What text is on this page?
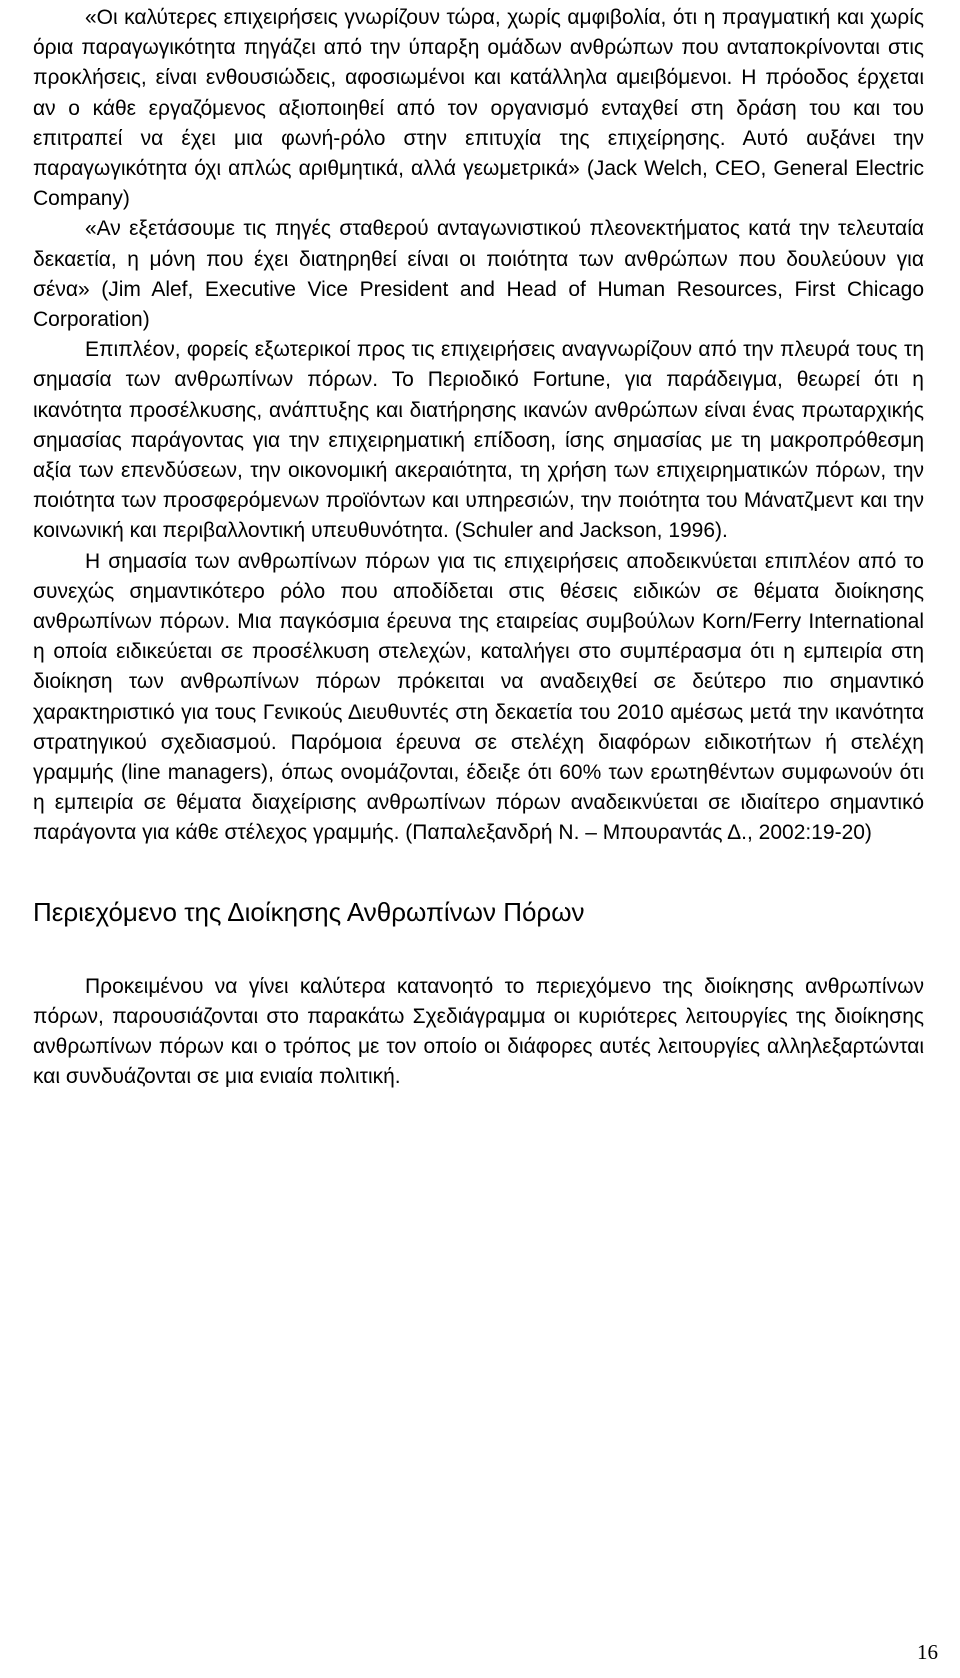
«Οι καλύτερες επιχειρήσεις γνωρίζουν τώρα, χωρίς αμφιβολία, ότι η πραγματική και χωρίς όρια παραγωγικότητα πηγάζει από την ύπαρξη ομάδων ανθρώπων που ανταποκρίνονται στις προκλήσεις, είναι ενθουσιώδεις, αφοσιωμένοι και κατάλληλα αμειβόμενοι. Η πρόοδος έρχεται αν ο κάθε εργαζόμενος αξιοποιηθεί από τον οργανισμό ενταχθεί στη δράση του και του επιτραπεί να έχει μια φωνή-ρόλο στην επιτυχία της επιχείρησης. Αυτό αυξάνει την παραγωγικότητα όχι απλώς αριθμητικά, αλλά γεωμετρικά» (Jack Welch, CEO, General Electric Company)

«Αν εξετάσουμε τις πηγές σταθερού ανταγωνιστικού πλεονεκτήματος κατά την τελευταία δεκαετία, η μόνη που έχει διατηρηθεί είναι οι ποιότητα των ανθρώπων που δουλεύουν για σένα» (Jim Alef, Executive Vice President and Head of Human Resources, First Chicago Corporation)

Επιπλέον, φορείς εξωτερικοί προς τις επιχειρήσεις αναγνωρίζουν από την πλευρά τους τη σημασία των ανθρωπίνων πόρων. Το Περιοδικό Fortune, για παράδειγμα, θεωρεί ότι η ικανότητα προσέλκυσης, ανάπτυξης και διατήρησης ικανών ανθρώπων είναι ένας πρωταρχικής σημασίας παράγοντας για την επιχειρηματική επίδοση, ίσης σημασίας με τη μακροπρόθεσμη αξία των επενδύσεων, την οικονομική ακεραιότητα, τη χρήση των επιχειρηματικών πόρων, την ποιότητα των προσφερόμενων προϊόντων και υπηρεσιών, την ποιότητα του Μάνατζμεντ και την κοινωνική και περιβαλλοντική υπευθυνότητα. (Schuler and Jackson, 1996).

Η σημασία των ανθρωπίνων πόρων για τις επιχειρήσεις αποδεικνύεται επιπλέον από το συνεχώς σημαντικότερο ρόλο που αποδίδεται στις θέσεις ειδικών σε θέματα διοίκησης ανθρωπίνων πόρων. Μια παγκόσμια έρευνα της εταιρείας συμβούλων Korn/Ferry International η οποία ειδικεύεται σε προσέλκυση στελεχών, καταλήγει στο συμπέρασμα ότι η εμπειρία στη διοίκηση των ανθρωπίνων πόρων πρόκειται να αναδειχθεί σε δεύτερο πιο σημαντικό χαρακτηριστικό για τους Γενικούς Διευθυντές στη δεκαετία του 2010 αμέσως μετά την ικανότητα στρατηγικού σχεδιασμού. Παρόμοια έρευνα σε στελέχη διαφόρων ειδικοτήτων ή στελέχη γραμμής (line managers), όπως ονομάζονται, έδειξε ότι 60% των ερωτηθέντων συμφωνούν ότι η εμπειρία σε θέματα διαχείρισης ανθρωπίνων πόρων αναδεικνύεται σε ιδιαίτερο σημαντικό παράγοντα για κάθε στέλεχος γραμμής. (Παπαλεξανδρή Ν. – Μπουραντάς Δ., 2002:19-20)

Περιεχόμενο της Διοίκησης Ανθρωπίνων Πόρων

Προκειμένου να γίνει καλύτερα κατανοητό το περιεχόμενο της διοίκησης ανθρωπίνων πόρων, παρουσιάζονται στο παρακάτω Σχεδιάγραμμα οι κυριότερες λειτουργίες της διοίκησης ανθρωπίνων πόρων και ο τρόπος με τον οποίο οι διάφορες αυτές λειτουργίες αλληλεξαρτώνται και συνδυάζονται σε μια ενιαία πολιτική.

16
